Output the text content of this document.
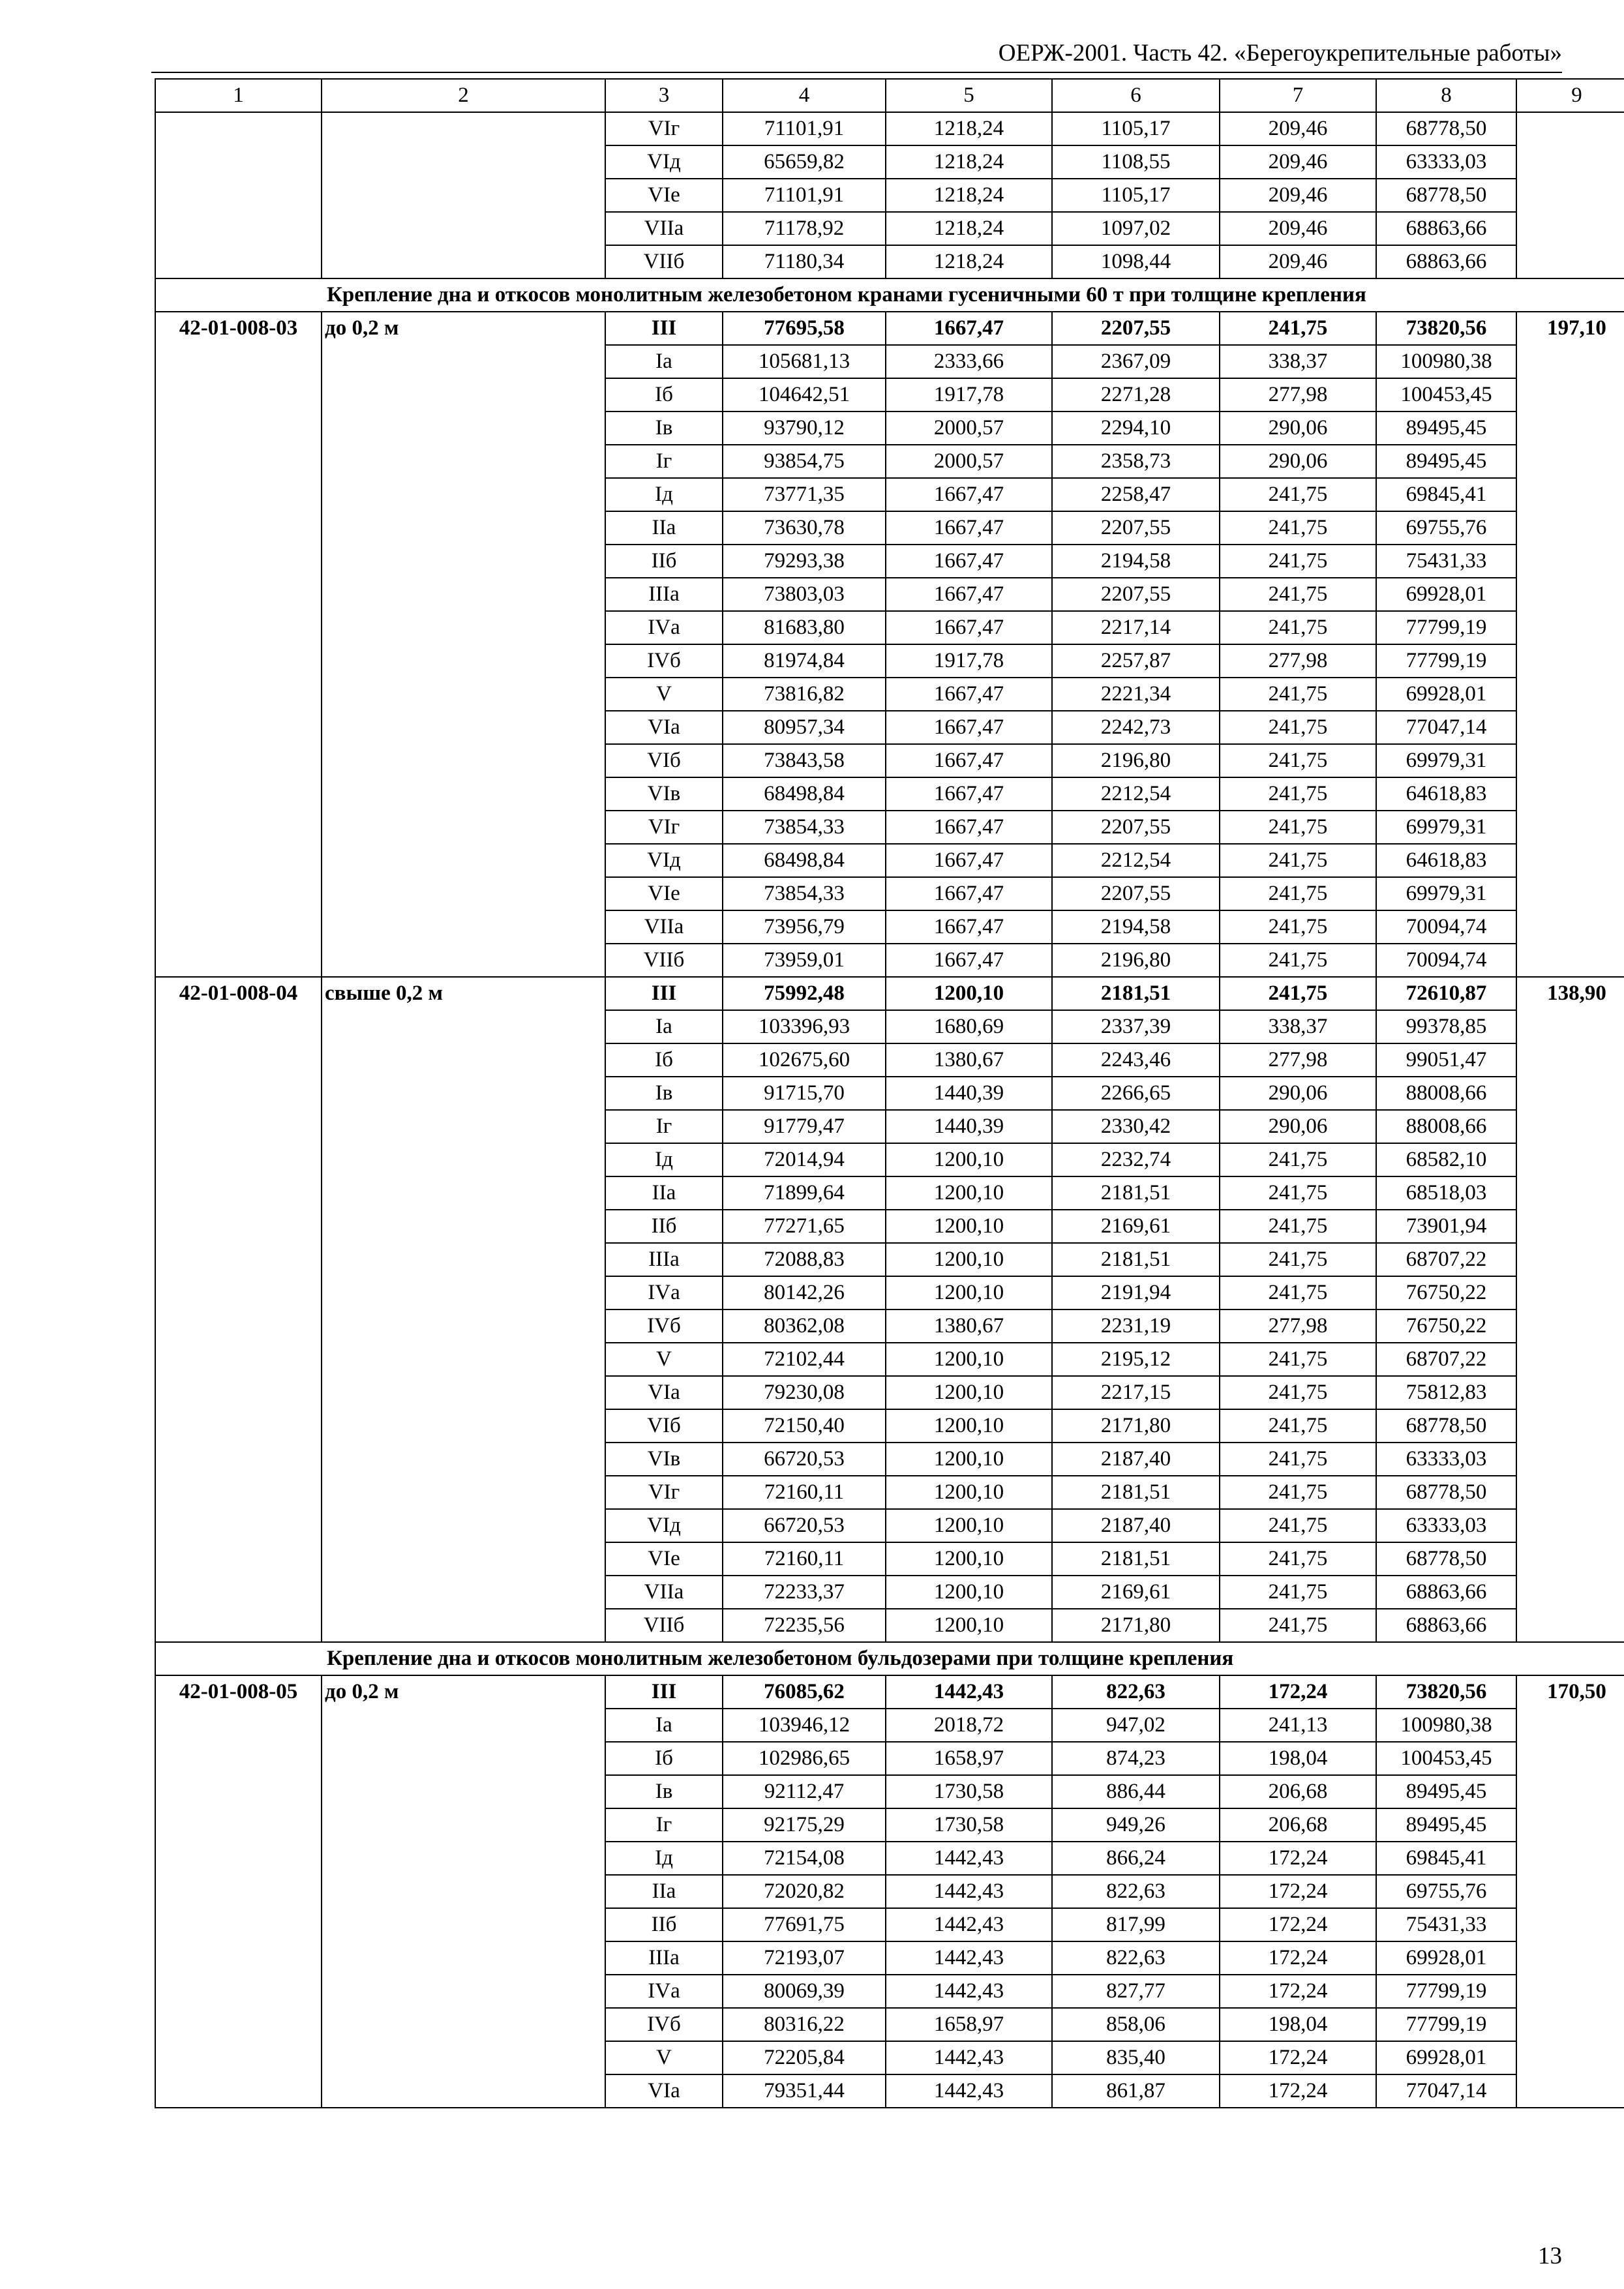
ОЕРЖ-2001. Часть 42. «Берегоукрепительные работы»
1	2	3	4	5	6	7	8	9
		VIг	71101,91	1218,24	1105,17	209,46	68778,50	
		VIд	65659,82	1218,24	1108,55	209,46	63333,03	
		VIе	71101,91	1218,24	1105,17	209,46	68778,50	
		VIIа	71178,92	1218,24	1097,02	209,46	68863,66	
		VIIб	71180,34	1218,24	1098,44	209,46	68863,66	
Крепление дна и откосов монолитным железобетоном кранами гусеничными 60 т при толщине крепления								
42-01-008-03	до 0,2 м	III	77695,58	1667,47	2207,55	241,75	73820,56	197,10
		Iа	105681,13	2333,66	2367,09	338,37	100980,38	
		Iб	104642,51	1917,78	2271,28	277,98	100453,45	
		Iв	93790,12	2000,57	2294,10	290,06	89495,45	
		Iг	93854,75	2000,57	2358,73	290,06	89495,45	
		Iд	73771,35	1667,47	2258,47	241,75	69845,41	
		IIа	73630,78	1667,47	2207,55	241,75	69755,76	
		IIб	79293,38	1667,47	2194,58	241,75	75431,33	
		IIIа	73803,03	1667,47	2207,55	241,75	69928,01	
		IVа	81683,80	1667,47	2217,14	241,75	77799,19	
		IVб	81974,84	1917,78	2257,87	277,98	77799,19	
		V	73816,82	1667,47	2221,34	241,75	69928,01	
		VIа	80957,34	1667,47	2242,73	241,75	77047,14	
		VIб	73843,58	1667,47	2196,80	241,75	69979,31	
		VIв	68498,84	1667,47	2212,54	241,75	64618,83	
		VIг	73854,33	1667,47	2207,55	241,75	69979,31	
		VIд	68498,84	1667,47	2212,54	241,75	64618,83	
		VIе	73854,33	1667,47	2207,55	241,75	69979,31	
		VIIа	73956,79	1667,47	2194,58	241,75	70094,74	
		VIIб	73959,01	1667,47	2196,80	241,75	70094,74	
42-01-008-04	свыше 0,2 м	III	75992,48	1200,10	2181,51	241,75	72610,87	138,90
		Iа	103396,93	1680,69	2337,39	338,37	99378,85	
		Iб	102675,60	1380,67	2243,46	277,98	99051,47	
		Iв	91715,70	1440,39	2266,65	290,06	88008,66	
		Iг	91779,47	1440,39	2330,42	290,06	88008,66	
		Iд	72014,94	1200,10	2232,74	241,75	68582,10	
		IIа	71899,64	1200,10	2181,51	241,75	68518,03	
		IIб	77271,65	1200,10	2169,61	241,75	73901,94	
		IIIа	72088,83	1200,10	2181,51	241,75	68707,22	
		IVа	80142,26	1200,10	2191,94	241,75	76750,22	
		IVб	80362,08	1380,67	2231,19	277,98	76750,22	
		V	72102,44	1200,10	2195,12	241,75	68707,22	
		VIа	79230,08	1200,10	2217,15	241,75	75812,83	
		VIб	72150,40	1200,10	2171,80	241,75	68778,50	
		VIв	66720,53	1200,10	2187,40	241,75	63333,03	
		VIг	72160,11	1200,10	2181,51	241,75	68778,50	
		VIд	66720,53	1200,10	2187,40	241,75	63333,03	
		VIе	72160,11	1200,10	2181,51	241,75	68778,50	
		VIIа	72233,37	1200,10	2169,61	241,75	68863,66	
		VIIб	72235,56	1200,10	2171,80	241,75	68863,66	
Крепление дна и откосов монолитным железобетоном бульдозерами при толщине крепления								
42-01-008-05	до 0,2 м	III	76085,62	1442,43	822,63	172,24	73820,56	170,50
		Iа	103946,12	2018,72	947,02	241,13	100980,38	
		Iб	102986,65	1658,97	874,23	198,04	100453,45	
		Iв	92112,47	1730,58	886,44	206,68	89495,45	
		Iг	92175,29	1730,58	949,26	206,68	89495,45	
		Iд	72154,08	1442,43	866,24	172,24	69845,41	
		IIа	72020,82	1442,43	822,63	172,24	69755,76	
		IIб	77691,75	1442,43	817,99	172,24	75431,33	
		IIIа	72193,07	1442,43	822,63	172,24	69928,01	
		IVа	80069,39	1442,43	827,77	172,24	77799,19	
		IVб	80316,22	1658,97	858,06	198,04	77799,19	
		V	72205,84	1442,43	835,40	172,24	69928,01	
		VIа	79351,44	1442,43	861,87	172,24	77047,14	
13
